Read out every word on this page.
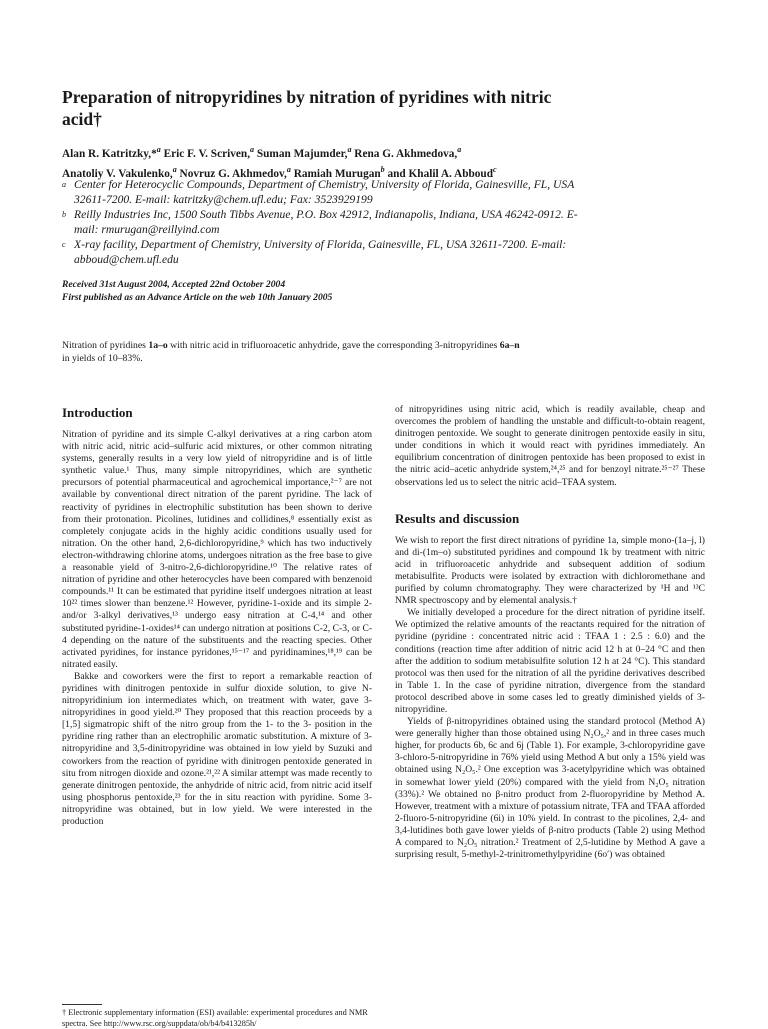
Preparation of nitropyridines by nitration of pyridines with nitric acid†
Alan R. Katritzky,*$^a$ Eric F. V. Scriven,$^a$ Suman Majumder,$^a$ Rena G. Akhmedova,$^a$
Anatoliy V. Vakulenko,$^a$ Novruz G. Akhmedov,$^a$ Ramiah Murugan$^b$ and Khalil A. Abboud$^c$
a Center for Heterocyclic Compounds, Department of Chemistry, University of Florida, Gainesville, FL, USA 32611-7200. E-mail: katritzky@chem.ufl.edu; Fax: 3523929199
b Reilly Industries Inc, 1500 South Tibbs Avenue, P.O. Box 42912, Indianapolis, Indiana, USA 46242-0912. E-mail: rmurugan@reillyind.com
c X-ray facility, Department of Chemistry, University of Florida, Gainesville, FL, USA 32611-7200. E-mail: abboud@chem.ufl.edu
Received 31st August 2004, Accepted 22nd October 2004
First published as an Advance Article on the web 10th January 2005
Nitration of pyridines 1a–o with nitric acid in trifluoroacetic anhydride, gave the corresponding 3-nitropyridines 6a–n
in yields of 10–83%.
Introduction

Nitration of pyridine and its simple C-alkyl derivatives at a ring carbon atom with nitric acid, nitric acid–sulfuric acid mixtures, or other common nitrating systems, generally results in a very low yield of nitropyridine and is of little synthetic value.¹ Thus, many simple nitropyridines, which are synthetic precursors of potential pharmaceutical and agrochemical importance,²⁻⁷ are not available by conventional direct nitration of the parent pyridine. The lack of reactivity of pyridines in electrophilic substitution has been shown to derive from their protonation. Picolines, lutidines and collidines,⁸ essentially exist as completely conjugate acids in the highly acidic conditions usually used for nitration. On the other hand, 2,6-dichloropyridine,⁹ which has two inductively electron-withdrawing chlorine atoms, undergoes nitration as the free base to give a reasonable yield of 3-nitro-2,6-dichloropyridine.¹⁰ The relative rates of nitration of pyridine and other heterocycles have been compared with benzenoid compounds.¹¹ It can be estimated that pyridine itself undergoes nitration at least 10²² times slower than benzene.¹² However, pyridine-1-oxide and its simple 2- and/or 3-alkyl derivatives,¹³ undergo easy nitration at C-4,¹⁴ and other substituted pyridine-1-oxides¹⁴ can undergo nitration at positions C-2, C-3, or C-4 depending on the nature of the substituents and the reacting species. Other activated pyridines, for instance pyridones,¹⁵⁻¹⁷ and pyridinamines,¹⁸,¹⁹ can be nitrated easily.

Bakke and coworkers were the first to report a remarkable reaction of pyridines with dinitrogen pentoxide in sulfur dioxide solution, to give N-nitropyridinium ion intermediates which, on treatment with water, gave 3-nitropyridines in good yield.²⁰ They proposed that this reaction proceeds by a [1,5] sigmatropic shift of the nitro group from the 1- to the 3- position in the pyridine ring rather than an electrophilic aromatic substitution. A mixture of 3-nitropyridine and 3,5-dinitropyridine was obtained in low yield by Suzuki and coworkers from the reaction of pyridine with dinitrogen pentoxide generated in situ from nitrogen dioxide and ozone.²¹,²² A similar attempt was made recently to generate dinitrogen pentoxide, the anhydride of nitric acid, from nitric acid itself using phosphorus pentoxide,²³ for the in situ reaction with pyridine. Some 3-nitropyridine was obtained, but in low yield. We were interested in the production

of nitropyridines using nitric acid, which is readily available, cheap and overcomes the problem of handling the unstable and difficult-to-obtain reagent, dinitrogen pentoxide. We sought to generate dinitrogen pentoxide easily in situ, under conditions in which it would react with pyridines immediately. An equilibrium concentration of dinitrogen pentoxide has been proposed to exist in the nitric acid–acetic anhydride system,²⁴,²⁵ and for benzoyl nitrate.²⁵⁻²⁷ These observations led us to select the nitric acid–TFAA system.

Results and discussion

We wish to report the first direct nitrations of pyridine 1a, simple mono-(1a–j, l) and di-(1m–o) substituted pyridines and compound 1k by treatment with nitric acid in trifluoroacetic anhydride and subsequent addition of sodium metabisulfite. Products were isolated by extraction with dichloromethane and purified by column chromatography. They were characterized by ¹H and ¹³C NMR spectroscopy and by elemental analysis.†

We initially developed a procedure for the direct nitration of pyridine itself. We optimized the relative amounts of the reactants required for the nitration of pyridine (pyridine : concentrated nitric acid : TFAA 1 : 2.5 : 6.0) and the conditions (reaction time after addition of nitric acid 12 h at 0–24 °C and then after the addition to sodium metabisulfite solution 12 h at 24 °C). This standard protocol was then used for the nitration of all the pyridine derivatives described in Table 1. In the case of pyridine nitration, divergence from the standard protocol described above in some cases led to greatly diminished yields of 3-nitropyridine.

Yields of β-nitropyridines obtained using the standard protocol (Method A) were generally higher than those obtained using N₂O₅,² and in three cases much higher, for products 6b, 6c and 6j (Table 1). For example, 3-chloropyridine gave 3-chloro-5-nitropyridine in 76% yield using Method A but only a 15% yield was obtained using N₂O₅.² One exception was 3-acetylpyridine which was obtained in somewhat lower yield (20%) compared with the yield from N₂O₅ nitration (33%).² We obtained no β-nitro product from 2-fluoropyridine by Method A. However, treatment with a mixture of potassium nitrate, TFA and TFAA afforded 2-fluoro-5-nitropyridine (6i) in 10% yield. In contrast to the picolines, 2,4- and 3,4-lutidines both gave lower yields of β-nitro products (Table 2) using Method A compared to N₂O₅ nitration.² Treatment of 2,5-lutidine by Method A gave a surprising result, 5-methyl-2-trinitromethylpyridine (6o′) was obtained

† Electronic supplementary information (ESI) available: experimental procedures and NMR spectra. See http://www.rsc.org/suppdata/ob/b4/b413285h/
